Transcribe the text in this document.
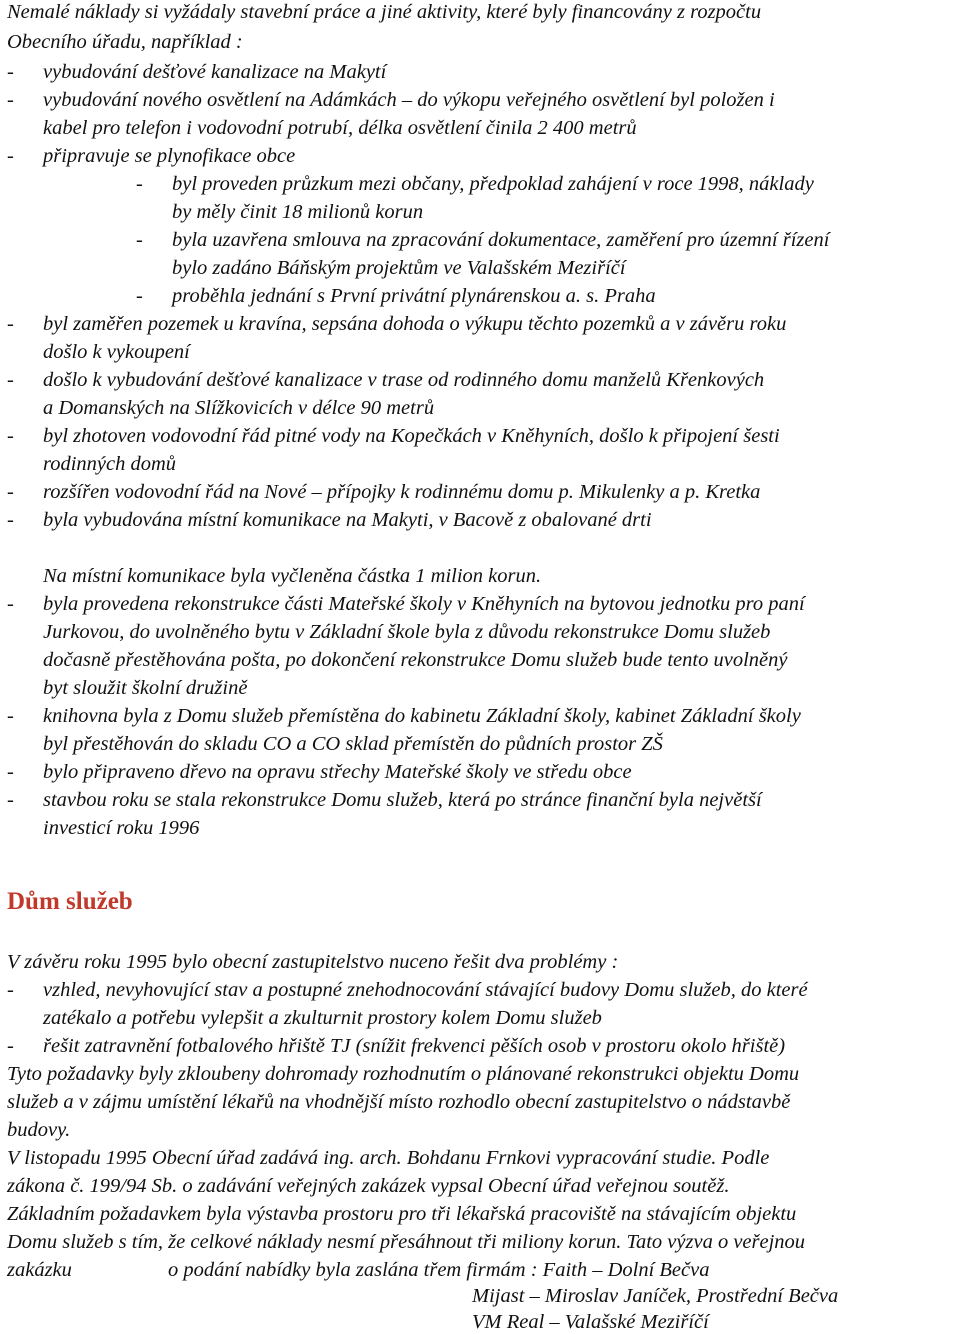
Nemalé náklady si vyžádaly stavební práce a jiné aktivity, které byly financovány z rozpočtu
Obecního úřadu, například :
- vybudování dešťové kanalizace na Makytí
- vybudování nového osvětlení na Adámkách – do výkopu veřejného osvětlení byl položen i
kabel pro telefon i vodovodní potrubí, délka osvětlení činila 2 400 metrů
- připravuje se plynofikace obce
- byl proveden průzkum mezi občany, předpoklad zahájení v roce 1998, náklady
by měly činit 18 milionů korun
- byla uzavřena smlouva na zpracování dokumentace, zaměření pro územní řízení
bylo zadáno Báňským projektům ve Valašském Meziříčí
- proběhla jednání s První privátní plynárenskou a. s. Praha
- byl zaměřen pozemek u kravína, sepsána dohoda o výkupu těchto pozemků a v závěru roku
došlo k vykoupení
- došlo k vybudování dešťové kanalizace v trase od rodinného domu manželů Křenkových
a Domanských na Slížkovicích v délce 90 metrů
- byl zhotoven vodovodní řád pitné vody na Kopečkách v Kněhyních, došlo k připojení šesti
rodinných domů
- rozšířen vodovodní řád na Nové – přípojky k rodinnému domu p. Mikulenky a p. Kretka
- byla vybudována místní komunikace na Makyti, v Bacově z obalované drti
Na místní komunikace byla vyčleněna částka 1 milion korun.
- byla provedena rekonstrukce části Mateřské školy v Kněhyních na bytovou jednotku pro paní
Jurkovou, do uvolněného bytu v Základní škole byla z důvodu rekonstrukce Domu služeb
dočasně přestěhována pošta, po dokončení rekonstrukce Domu služeb bude tento uvolněný
byt sloužit školní družině
- knihovna byla z Domu služeb přemístěna do kabinetu Základní školy, kabinet Základní školy
byl přestěhován do skladu CO a CO sklad přemístěn do půdních prostor ZŠ
- bylo připraveno dřevo na opravu střechy Mateřské školy ve středu obce
- stavbou roku se stala rekonstrukce Domu služeb, která po stránce finanční byla největší
investicí roku 1996
Dům služeb
V závěru roku 1995 bylo obecní zastupitelstvo nuceno řešit dva problémy :
- vzhled, nevyhovující stav a postupné znehodnocování stávající budovy Domu služeb, do které
zatékalo a potřebu vylepšit a zkulturnit prostory kolem Domu služeb
- řešit zatravnění fotbalového hřiště TJ (snížit frekvenci pěších osob v prostoru okolo hřiště)
Tyto požadavky byly zkloubeny dohromady rozhodnutím o plánované rekonstrukci objektu Domu
služeb a v zájmu umístění lékařů na vhodnější místo rozhodlo obecní zastupitelstvo o nádstavbě
budovy.
V listopadu 1995 Obecní úřad zadává ing. arch. Bohdanu Frnkovi vypracování studie. Podle
zákona č. 199/94 Sb. o zadávání veřejných zakázek vypsal Obecní úřad veřejnou soutěž.
Základním požadavkem byla výstavba prostoru pro tři lékařská pracoviště na stávajícím objektu
Domu služeb s tím, že celkové náklady nesmí přesáhnout tři miliony korun. Tato výzva o veřejnou
zakázku	o podání nabídky byla zaslána třem firmám : Faith – Dolní Bečva
Mijast – Miroslav Janíček, Prostřední Bečva
VM Real – Valašské Meziříčí
